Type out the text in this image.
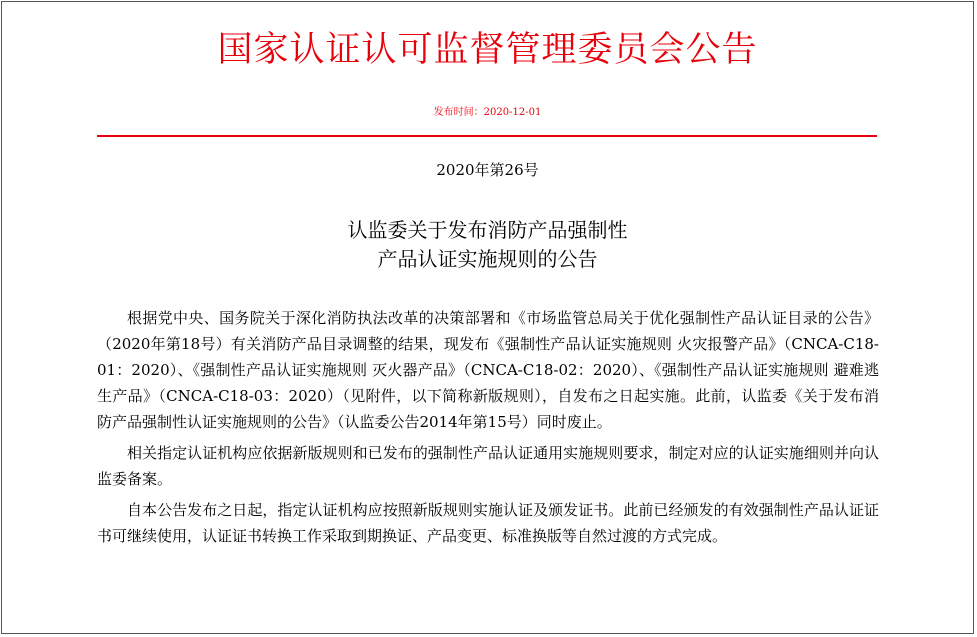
国家认证认可监督管理委员会公告
发布时间：2020-12-01
2020年第26号
认监委关于发布消防产品强制性
产品认证实施规则的公告

根据党中央、国务院关于深化消防执法改革的决策部署和《市场监管总局关于优化强制性产品认证目录的公告》（2020年第18号）有关消防产品目录调整的结果，现发布《强制性产品认证实施规则 火灾报警产品》（CNCA-C18-01：2020）、《强制性产品认证实施规则 灭火器产品》（CNCA-C18-02：2020）、《强制性产品认证实施规则 避难逃生产品》（CNCA-C18-03：2020）（见附件，以下简称新版规则），自发布之日起实施。此前，认监委《关于发布消防产品强制性认证实施规则的公告》（认监委公告2014年第15号）同时废止。

相关指定认证机构应依据新版规则和已发布的强制性产品认证通用实施规则要求，制定对应的认证实施细则并向认监委备案。

自本公告发布之日起，指定认证机构应按照新版规则实施认证及颁发证书。此前已经颁发的有效强制性产品认证证书可继续使用，认证证书转换工作采取到期换证、产品变更、标准换版等自然过渡的方式完成。
